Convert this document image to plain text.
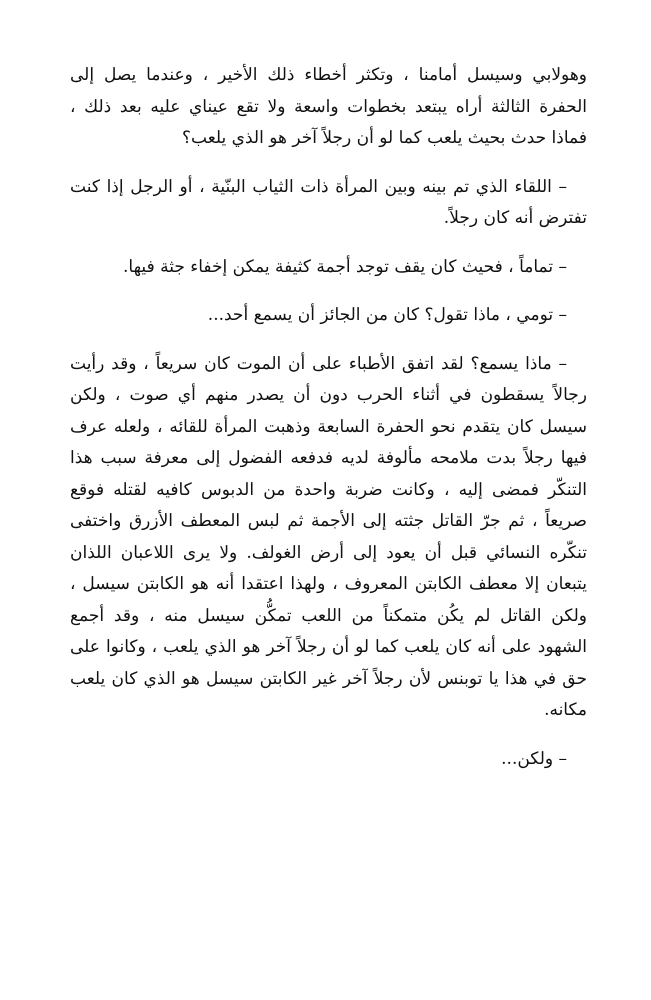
وهولابي وسيسل أمامنا ، وتكثر أخطاء ذلك الأخير ، وعندما يصل إلى الحفرة الثالثة أراه يبتعد بخطوات واسعة ولا تقع عيناي عليه بعد ذلك ، فماذا حدث بحيث يلعب كما لو أن رجلاً آخر هو الذي يلعب؟

– اللقاء الذي تم بينه وبين المرأة ذات الثياب البنّية ، أو الرجل إذا كنت تفترض أنه كان رجلاً.

– تماماً ، فحيث كان يقف توجد أجمة كثيفة يمكن إخفاء جثة فيها.

– تومي ، ماذا تقول؟ كان من الجائز أن يسمع أحد...

– ماذا يسمع؟ لقد اتفق الأطباء على أن الموت كان سريعاً ، وقد رأيت رجالاً يسقطون في أثناء الحرب دون أن يصدر منهم أي صوت ، ولكن سيسل كان يتقدم نحو الحفرة السابعة وذهبت المرأة للقائه ، ولعله عرف فيها رجلاً بدت ملامحه مألوفة لديه فدفعه الفضول إلى معرفة سبب هذا التنكّر فمضى إليه ، وكانت ضربة واحدة من الدبوس كافيه لقتله فوقع صريعاً ، ثم جرّ القاتل جثته إلى الأجمة ثم لبس المعطف الأزرق واختفى تنكّره النسائي قبل أن يعود إلى أرض الغولف. ولا يرى اللاعبان اللذان يتبعان إلا معطف الكابتن المعروف ، ولهذا اعتقدا أنه هو الكابتن سيسل ، ولكن القاتل لم يكُن متمكناً من اللعب تمكُّن سيسل منه ، وقد أجمع الشهود على أنه كان يلعب كما لو أن رجلاً آخر هو الذي يلعب ، وكانوا على حق في هذا يا توبنس لأن رجلاً آخر غير الكابتن سيسل هو الذي كان يلعب مكانه.

– ولكن...
